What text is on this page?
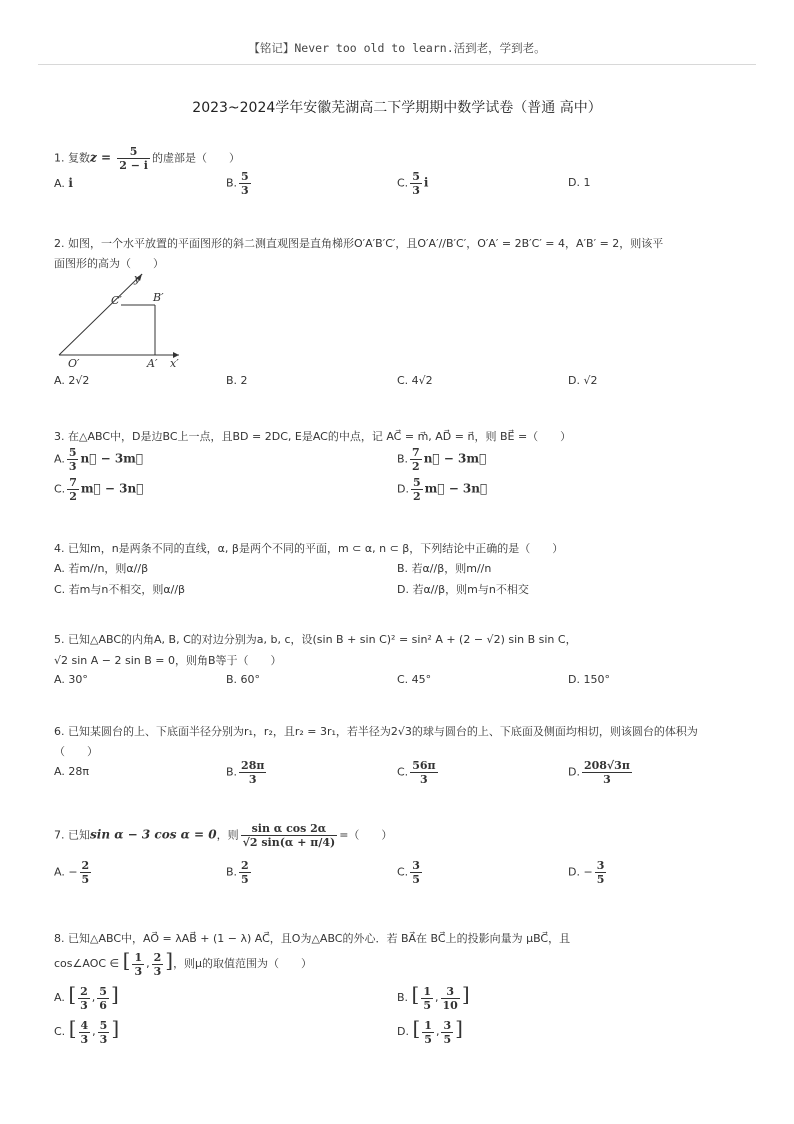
【铭记】Never too old to learn.活到老，学到老。
2023~2024学年安徽芜湖高二下学期期中数学试卷（普通 高中）
1. 复数$z = \frac{5}{2 - i}$ 的虚部是（　　）
A. i	B. $\frac{5}{3}$	C. $\frac{5}{3}$ i	D. 1
2. 如图，一个水平放置的平面图形的斜二测直观图是直角梯形O′A′B′C′，且O′A′//B′C′，O′A′ = 2B′C′ = 4，A′B′ = 2，则该平
面图形的高为（　　）
y′
x′
O′	A′
B′
C′
A. 2√2	B. 2	C. 4√2	D. √2
3. 在△ABC中，D是边BC上一点，且BD = 2DC, E是AC的中点，记 AC⃗ = m⃗, AD⃗ = n⃗，则 BE⃗ =（　　）
A. $\frac{5}{3}$ n⃗ − 3m⃗	B. $\frac{7}{2}$ n⃗ − 3m⃗
C. $\frac{7}{2}$ m⃗ − 3n⃗	D. $\frac{5}{2}$ m⃗ − 3n⃗
4. 已知m，n是两条不同的直线，α, β是两个不同的平面，m ⊂ α, n ⊂ β，下列结论中正确的是（　　）
A. 若m//n，则α//β	B. 若α//β，则m//n
C. 若m与n不相交，则α//β	D. 若α//β，则m与n不相交
5. 已知△ABC的内角A, B, C的对边分别为a, b, c，设(sin B + sin C)² = sin² A + (2 − √2) sin B sin C，
√2 sin A − 2 sin B = 0，则角B等于（　　）
A. 30°	B. 60°	C. 45°	D. 150°
6. 已知某圆台的上、下底面半径分别为r₁，r₂，且r₂ = 3r₁，若半径为2√3的球与圆台的上、下底面及侧面均相切，则该圆台的体积为
（　　）
A. 28π	B. $\frac{28\pi}{3}$	C. $\frac{56\pi}{3}$	D. $\frac{208√3\pi}{3}$
7. 已知sin α − 3 cos α = 0，则 $\frac{\text{sin α cos 2α}}{√2 \sin(\alpha + \pi/4)}$ =（　　）
A. − $\frac{2}{5}$	B. $\frac{2}{5}$	C. $\frac{3}{5}$	D. − $\frac{3}{5}$
8. 已知△ABC中，AO⃗ = λAB⃗ + (1 − λ) AC⃗，且O为△ABC的外心．若 BA⃗在 BC⃗上的投影向量为 μBC⃗，且
cos∠AOC ∈ [ $\frac{1}{3}$ , $\frac{2}{3}$ ]，则μ的取值范围为（　　）
A. [ $\frac{2}{3}$ , $\frac{5}{6}$ ]	B. [ $\frac{1}{5}$ , $\frac{3}{10}$ ]
C. [ $\frac{4}{3}$ , $\frac{5}{3}$ ]	D. [ $\frac{1}{5}$ , $\frac{3}{5}$ ]
